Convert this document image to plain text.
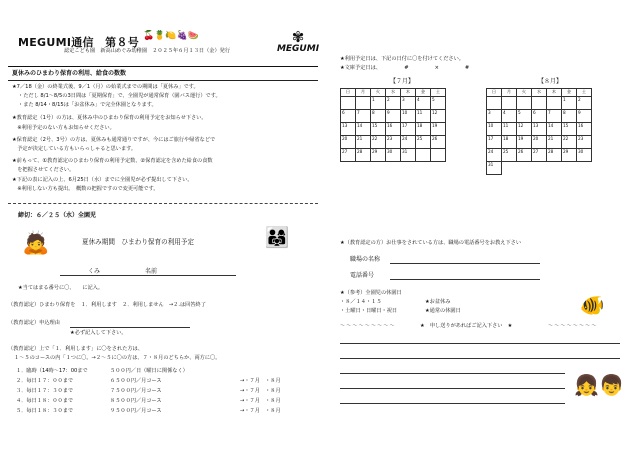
MEGUMI通信　第８号
認定こども園　新高山めぐみ幼稚園　２０２５年６月１３日（金）発行
🍒🍍🍋🍇🍉	✾
MEGUMI
夏休みのひまわり保育の利用、給食の数数
★7／18（金）の終業式後、9／1（月）の始業式までの期間は「夏休み」です。
・ただし 8/1～8/5の3日間は「夏期保育」で、全園児が通常保育（園バス運行）です。
・また 8/14・8/15は「お盆休み」で完全休園となります。
★教育認定（1号）の方は、夏休み中のひまわり保育の利用予定をお知らせ下さい。
　※利用予定のない方もお知らせください。
★保育認定（2号、3号）の方は、夏休みも通常通りですが、今にはご旅行や帰省などで
　予定が決定している方もいらっしゃると思います。
★前もって、①教育認定のひまわり保育の利用予定数、②保育認定を含めた給食の食数
　を把握させてください。
★下記の表に記入の上、6月25日（水）までに全園児が必ず提出して下さい。
　※利用しない方も提出。　概数の把握ですので変更可能です。
締切：６／２５（水）全園児
🙇	夏休み期間　ひまわり保育の利用予定	👨‍👩‍👧
くみ	名前
★当てはまる番号に〇、　　に記入。
（教育認定）ひまわり保育を　１．利用します　２．利用しません　→２.は回答終了
（教育認定）申込理由
★必ず記入して下さい。
（教育認定）上で「１．利用します」に〇をされた方は、
１～５のコースの内「１つに〇。→２～５に〇の方は、７・８月のどちらか、両方に〇。
１．臨時（14時～17：00まで	５００円／日（曜日に関係なく）
２．毎日１７：００まで	６５００円／月コース	→・７月　・８月
３．毎日１７：３０まで	７５００円／月コース	→・７月　・８月
４．毎日１８：００まで	８５００円／月コース	→・７月　・８月
５．毎日１８：３０まで	９５００円／月コース	→・７月　・８月
★利用予定日は、下記の日付に〇を付けてください。
★文庫予定日は、　　　　　#　　　　　×　　　　　#
【７月】	【８月】
日	月	火	水	木	金	土
		1	2	3	4	5
6	7	8	9	10	11	12
13	14	15	16	17	18	19
20	21	22	23	24	25	26
27	28	29	30	31		
日	月	火	水	木	金	土
					1	2
3	4	5	6	7	8	9
10	11	12	13	14	15	16
17	18	19	20	21	22	23
24	25	26	27	28	29	30
31						
★（教育認定の方）お仕事をされている方は、職場の電話番号をお教え下さい
職場の名称
電話番号
★（参考）全園児の休園日
・８／１４・１５	★お盆休み
・土曜日・日曜日・祝日	★通常の休園日	🐠
～～～～～～～～～	★　申し送りがあればご記入下さい　★	～～～～～～～～
👧👦
